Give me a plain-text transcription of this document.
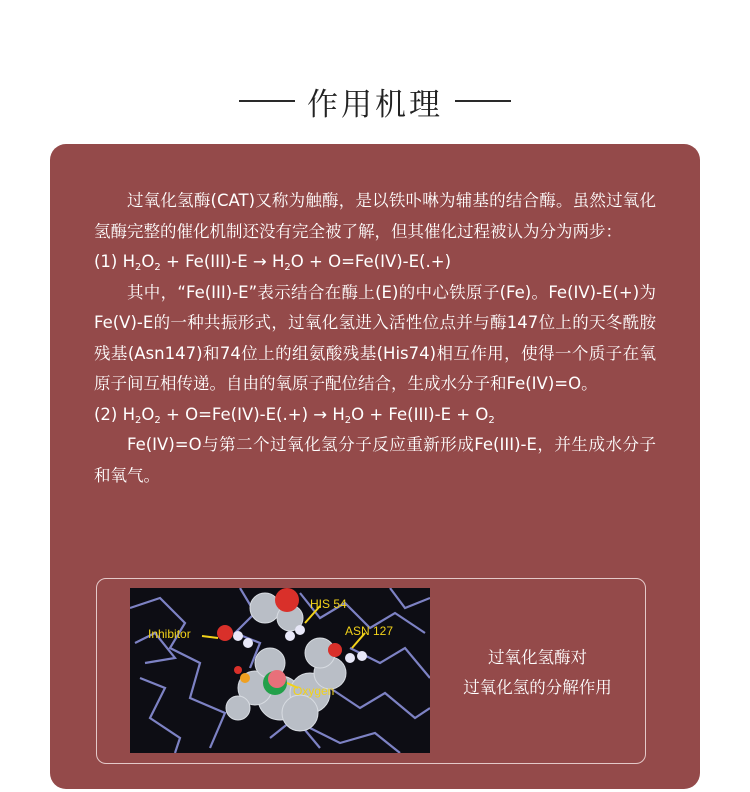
作用机理

过氧化氢酶(CAT)又称为触酶，是以铁卟啉为辅基的结合酶。虽然过氧化氢酶完整的催化机制还没有完全被了解，但其催化过程被认为分为两步：

(1) $H_2O_2 + Fe(III)-E \to H_2O + O=Fe(IV)-E(.+)$

其中，“Fe(III)-E”表示结合在酶上(E)的中心铁原子(Fe)。Fe(IV)-E(+)为Fe(V)-E的一种共振形式，过氧化氢进入活性位点并与酶147位上的天冬酰胺残基(Asn147)和74位上的组氨酸残基(His74)相互作用，使得一个质子在氧原子间互相传递。自由的氧原子配位结合，生成水分子和Fe(IV)=O。

(2) $H_2O_2 + O=Fe(IV)-E(.+) \to H_2O + Fe(III)-E + O_2$

Fe(IV)=O与第二个过氧化氢分子反应重新形成Fe(III)-E，并生成水分子和氧气。

HIS 54
ASN 127
Inhibitor
Oxygen
过氧化氢酶对
过氧化氢的分解作用
